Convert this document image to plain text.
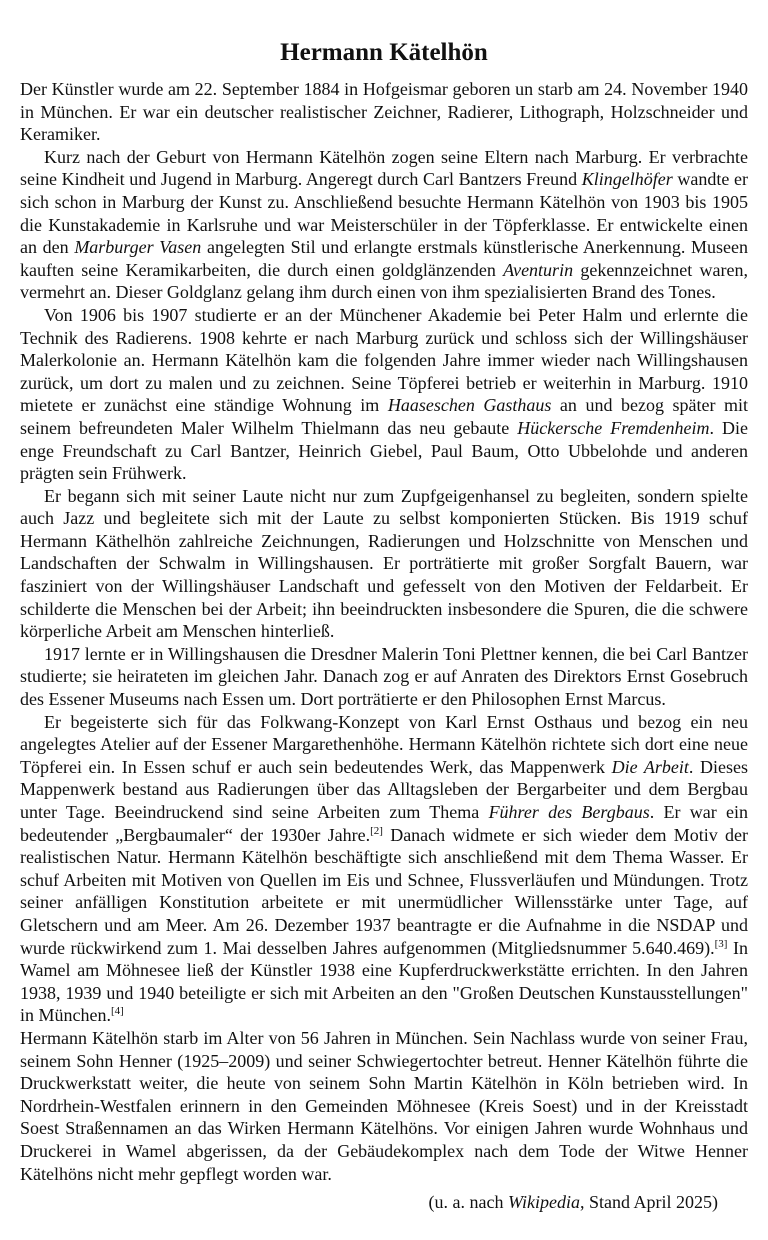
Hermann Kätelhön

Der Künstler wurde am 22. September 1884 in Hofgeismar geboren un starb am 24. November 1940 in München. Er war ein deutscher realistischer Zeichner, Radierer, Lithograph, Holzschneider und Keramiker.

Kurz nach der Geburt von Hermann Kätelhön zogen seine Eltern nach Marburg. Er verbrachte seine Kindheit und Jugend in Marburg. Angeregt durch Carl Bantzers Freund Klingelhöfer wandte er sich schon in Marburg der Kunst zu. Anschließend besuchte Hermann Kätelhön von 1903 bis 1905 die Kunstakademie in Karlsruhe und war Meisterschüler in der Töpferklasse. Er entwickelte einen an den Marburger Vasen angelegten Stil und erlangte erstmals künstlerische Anerkennung. Museen kauften seine Keramikarbeiten, die durch einen goldglänzenden Aventurin gekennzeichnet waren, vermehrt an. Dieser Goldglanz gelang ihm durch einen von ihm spezialisierten Brand des Tones.

Von 1906 bis 1907 studierte er an der Münchener Akademie bei Peter Halm und erlernte die Technik des Radierens. 1908 kehrte er nach Marburg zurück und schloss sich der Willingshäuser Malerkolonie an. Hermann Kätelhön kam die folgenden Jahre immer wieder nach Willingshausen zurück, um dort zu malen und zu zeichnen. Seine Töpferei betrieb er weiterhin in Marburg. 1910 mietete er zunächst eine ständige Wohnung im Haaseschen Gasthaus an und bezog später mit seinem befreundeten Maler Wilhelm Thielmann das neu gebaute Hückersche Fremdenheim. Die enge Freundschaft zu Carl Bantzer, Heinrich Giebel, Paul Baum, Otto Ubbelohde und anderen prägten sein Frühwerk.

Er begann sich mit seiner Laute nicht nur zum Zupfgeigenhansel zu begleiten, sondern spielte auch Jazz und begleitete sich mit der Laute zu selbst komponierten Stücken. Bis 1919 schuf Hermann Käthelhön zahlreiche Zeichnungen, Radierungen und Holzschnitte von Menschen und Landschaften der Schwalm in Willingshausen. Er porträtierte mit großer Sorgfalt Bauern, war fasziniert von der Willingshäuser Landschaft und gefesselt von den Motiven der Feldarbeit. Er schilderte die Menschen bei der Arbeit; ihn beeindruckten insbesondere die Spuren, die die schwere körperliche Arbeit am Menschen hinterließ.

1917 lernte er in Willingshausen die Dresdner Malerin Toni Plettner kennen, die bei Carl Bantzer studierte; sie heirateten im gleichen Jahr. Danach zog er auf Anraten des Direktors Ernst Gosebruch des Essener Museums nach Essen um. Dort porträtierte er den Philosophen Ernst Marcus.

Er begeisterte sich für das Folkwang-Konzept von Karl Ernst Osthaus und bezog ein neu angelegtes Atelier auf der Essener Margarethenhöhe. Hermann Kätelhön richtete sich dort eine neue Töpferei ein. In Essen schuf er auch sein bedeutendes Werk, das Mappenwerk Die Arbeit. Dieses Mappenwerk bestand aus Radierungen über das Alltagsleben der Bergarbeiter und dem Bergbau unter Tage. Beeindruckend sind seine Arbeiten zum Thema Führer des Bergbaus. Er war ein bedeutender „Bergbaumaler“ der 1930er Jahre.[2] Danach widmete er sich wieder dem Motiv der realistischen Natur. Hermann Kätelhön beschäftigte sich anschließend mit dem Thema Wasser. Er schuf Arbeiten mit Motiven von Quellen im Eis und Schnee, Flussverläufen und Mündungen. Trotz seiner anfälligen Konstitution arbeitete er mit unermüdlicher Willensstärke unter Tage, auf Gletschern und am Meer. Am 26. Dezember 1937 beantragte er die Aufnahme in die NSDAP und wurde rückwirkend zum 1. Mai desselben Jahres aufgenommen (Mitgliedsnummer 5.640.469).[3] In Wamel am Möhnesee ließ der Künstler 1938 eine Kupferdruckwerkstätte errichten. In den Jahren 1938, 1939 und 1940 beteiligte er sich mit Arbeiten an den "Großen Deutschen Kunstausstellungen" in München.[4]

Hermann Kätelhön starb im Alter von 56 Jahren in München. Sein Nachlass wurde von seiner Frau, seinem Sohn Henner (1925–2009) und seiner Schwiegertochter betreut. Henner Kätelhön führte die Druckwerkstatt weiter, die heute von seinem Sohn Martin Kätelhön in Köln betrieben wird. In Nordrhein-Westfalen erinnern in den Gemeinden Möhnesee (Kreis Soest) und in der Kreisstadt Soest Straßennamen an das Wirken Hermann Kätelhöns. Vor einigen Jahren wurde Wohnhaus und Druckerei in Wamel abgerissen, da der Gebäudekomplex nach dem Tode der Witwe Henner Kätelhöns nicht mehr gepflegt worden war.

(u. a. nach Wikipedia, Stand April 2025)
